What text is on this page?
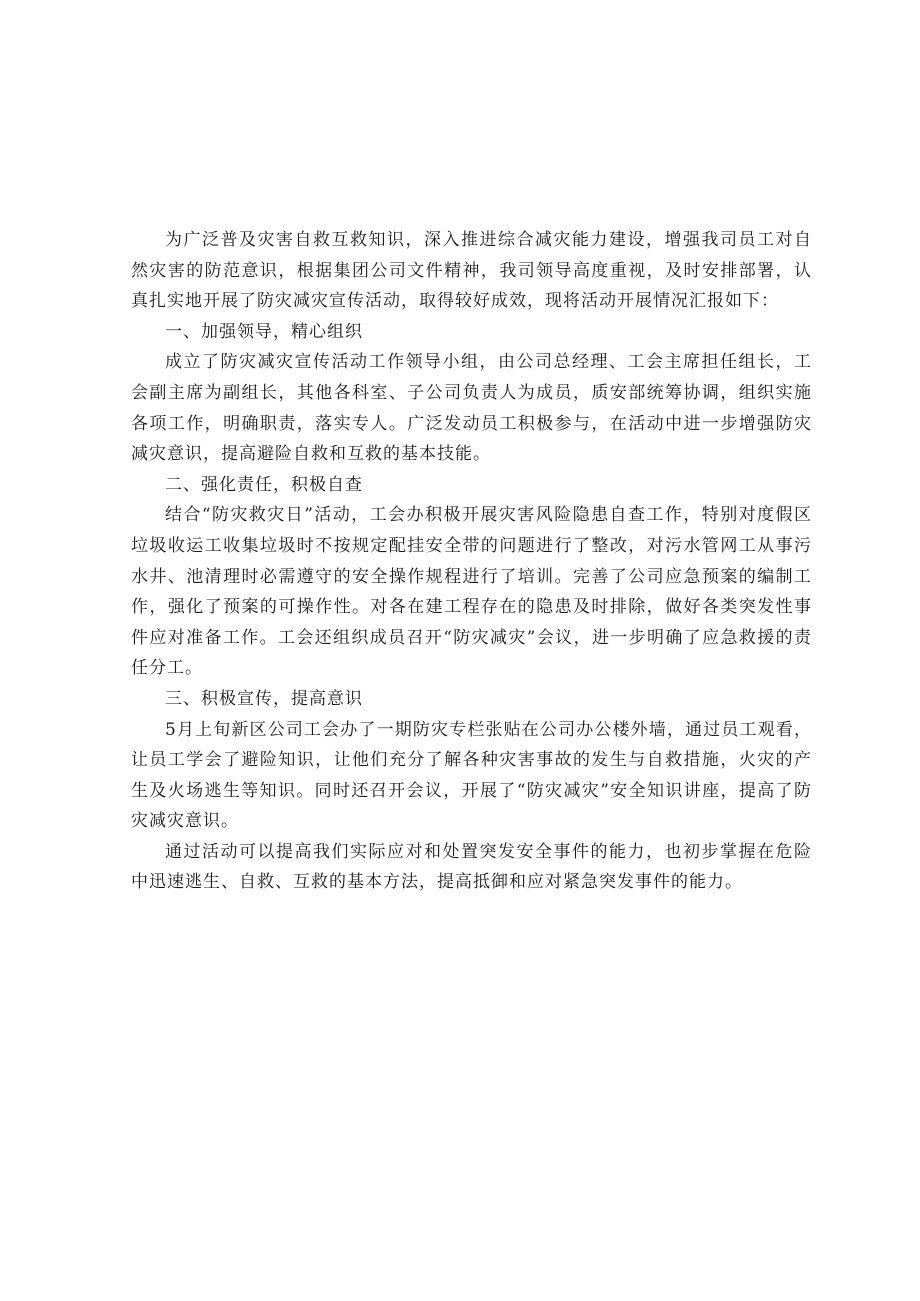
为广泛普及灾害自救互救知识，深入推进综合减灾能力建设，增强我司员工对自然灾害的防范意识，根据集团公司文件精神，我司领导高度重视，及时安排部署，认真扎实地开展了防灾减灾宣传活动，取得较好成效，现将活动开展情况汇报如下：

一、加强领导，精心组织

成立了防灾减灾宣传活动工作领导小组，由公司总经理、工会主席担任组长，工会副主席为副组长，其他各科室、子公司负责人为成员，质安部统筹协调，组织实施各项工作，明确职责，落实专人。广泛发动员工积极参与，在活动中进一步增强防灾减灾意识，提高避险自救和互救的基本技能。

二、强化责任，积极自查

结合“防灾救灾日”活动，工会办积极开展灾害风险隐患自查工作，特别对度假区垃圾收运工收集垃圾时不按规定配挂安全带的问题进行了整改，对污水管网工从事污水井、池清理时必需遵守的安全操作规程进行了培训。完善了公司应急预案的编制工作，强化了预案的可操作性。对各在建工程存在的隐患及时排除，做好各类突发性事件应对准备工作。工会还组织成员召开“防灾减灾”会议，进一步明确了应急救援的责任分工。

三、积极宣传，提高意识

5月上旬新区公司工会办了一期防灾专栏张贴在公司办公楼外墙，通过员工观看，让员工学会了避险知识，让他们充分了解各种灾害事故的发生与自救措施，火灾的产生及火场逃生等知识。同时还召开会议，开展了“防灾减灾”安全知识讲座，提高了防灾减灾意识。

通过活动可以提高我们实际应对和处置突发安全事件的能力，也初步掌握在危险中迅速逃生、自救、互救的基本方法，提高抵御和应对紧急突发事件的能力。
